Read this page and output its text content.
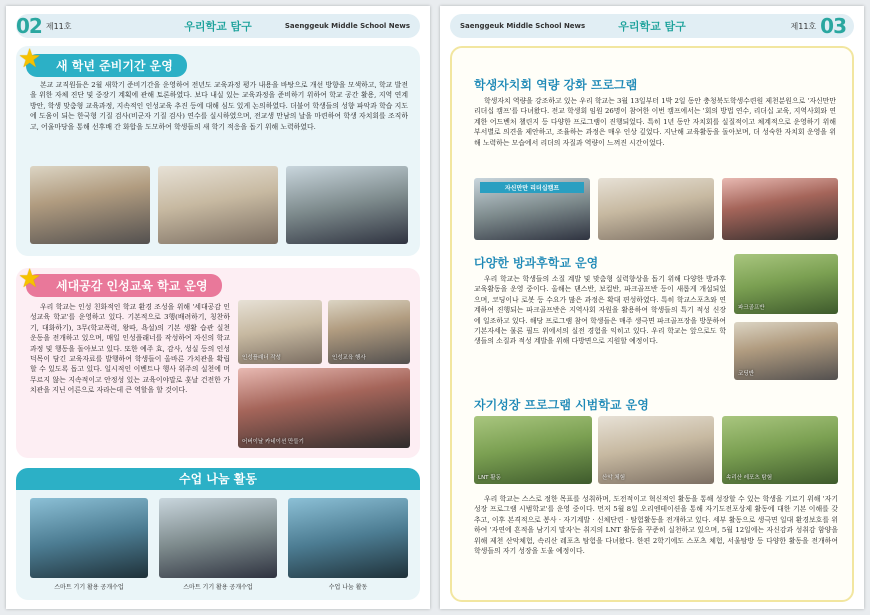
02 제11호	우리학교 탐구	Saenggeuk Middle School News
새 학년 준비기간 운영
★
본교 교직원들은 2월 새학기 준비기간을 운영하여 전년도 교육과정 평가 내용을 바탕으로 개선 방향을 모색하고, 학교 발전을 위한 자체 진단 및 중장기 계획에 관해 토론하였다. 보다 내실 있는 교육과정을 준비하기 위하여 학교 공간 활용, 지역 연계 방안, 학생 맞춤형 교육과정, 지속적인 인성교육 추진 등에 대해 심도 있게 논의하였다. 더불어 학생들의 성향 파악과 학습 지도에 도움이 되는 한국형 기질 검사(비군자 기질 검사) 연수를 실시하였으며, 전교생 만남의 날을 마련하여 학생 자치회를 조직하고, 어울마당을 통해 선후배 간 화합을 도모하여 학생들의 새 학기 적응을 돕기 위해 노력하였다.
세대공감 인성교육 학교 운영
★
우리 학교는 인성 친화적인 학교 환경 조성을 위해 '세대공감 인성교육 학교'를 운영하고 있다. 기본적으로 3행(배려하기, 칭찬하기, 대화하기), 3무(학교폭력, 왕따, 욕설)의 기본 생활 습관 실천 운동을 전개하고 있으며, 매일 인성플래너를 작성하여 자신의 학교 과정 및 행동을 돌아보고 있다. 또한 예주 효, 감사, 성실 등의 인성 덕목이 담긴 교육자료를 발행하여 학생들이 올바른 가치관을 확립할 수 있도록 돕고 있다. 일시적인 이벤트나 행사 위주의 실천에 머무르지 않는 지속적이고 안정성 있는 교육이야말로 훗날 건전한 가치관을 지닌 어른으로 자라는데 큰 역할을 할 것이다.
인성플래너 작성	인성교육 행사
어버이날 카네이션 만들기
수업 나눔 활동
스마트 기기 활용 공개수업	스마트 기기 활용 공개수업	수업 나눔 활동
Saenggeuk Middle School News	우리학교 탐구	제11호 03
학생자치회 역량 강화 프로그램
학생자치 역량을 강조하고 있는 우리 학교는 3월 13일부터 1박 2일 동안 충청북도학생수련원 제천분원으로 '자신만만 리더십 캠프'를 다녀왔다. 전교 학생회 임원 26명이 참여한 이번 캠프에서는 '회의 방법 연수, 리더십 교육, 지역사회와 연계한 어드벤처 챌린지 등 다양한 프로그램이 진행되었다. 특히 1년 동안 자치회를 실질적이고 체계적으로 운영하기 위해 부서별로 의견을 제안하고, 조율하는 과정은 매우 인상 깊었다. 지난해 교육활동을 돌아보며, 더 성숙한 자치회 운영을 위해 노력하는 모습에서 리더의 자질과 역량이 느껴진 시간이었다.
자신만만 리더십캠프
다양한 방과후학교 운영
우리 학교는 학생들의 소질 계발 및 맞춤형 실력향상을 돕기 위해 다양한 방과후 교육활동을 운영 중이다. 올해는 댄스반, 보컬반, 파크골프반 등이 새롭게 개설되었으며, 코딩이나 로봇 등 수요가 많은 과정은 확대 편성하였다. 특히 학교스포츠와 연계하여 진행되는 파크골프반은 지역사회 자원을 활용하여 학생들의 특기 적성 신장에 일조하고 있다. 해당 프로그램 참여 학생들은 매주 생극면 파크골프장을 방문하여 기본자세는 물론 필드 위에서의 실전 경험을 익히고 있다. 우리 학교는 앞으로도 학생들의 소질과 적성 계발을 위해 다방면으로 지원할 예정이다.
파크골프반
코딩반
자기성장 프로그램 시범학교 운영
LNT 활동	산악 체험	속리산 레포츠 탐험
우리 학교는 스스로 정한 목표를 성취하며, 도전적이고 혁신적인 활동을 통해 성장할 수 있는 학생을 기르기 위해 '자기성장 프로그램 시범학교'를 운영 중이다. 먼저 5월 8일 오리엔테이션을 통해 자기도전포상제 활동에 대한 기본 이해를 갖추고, 이후 본격적으로 봉사 · 자기계발 · 신체단련 · 탐험활동을 전개하고 있다. 세부 활동으로 생극면 일대 환경보호를 위하여 '자연에 흔적을 남기지 말자'는 취지의 LNT 활동을 꾸준히 실천하고 있으며, 5월 12일에는 자신감과 성취감 함양을 위해 제천 산악체험, 속리산 레포츠 탐험을 다녀왔다. 한편 2학기에도 스포츠 체험, 서울탐방 등 다양한 활동을 전개하여 학생들의 자기 성장을 도울 예정이다.
